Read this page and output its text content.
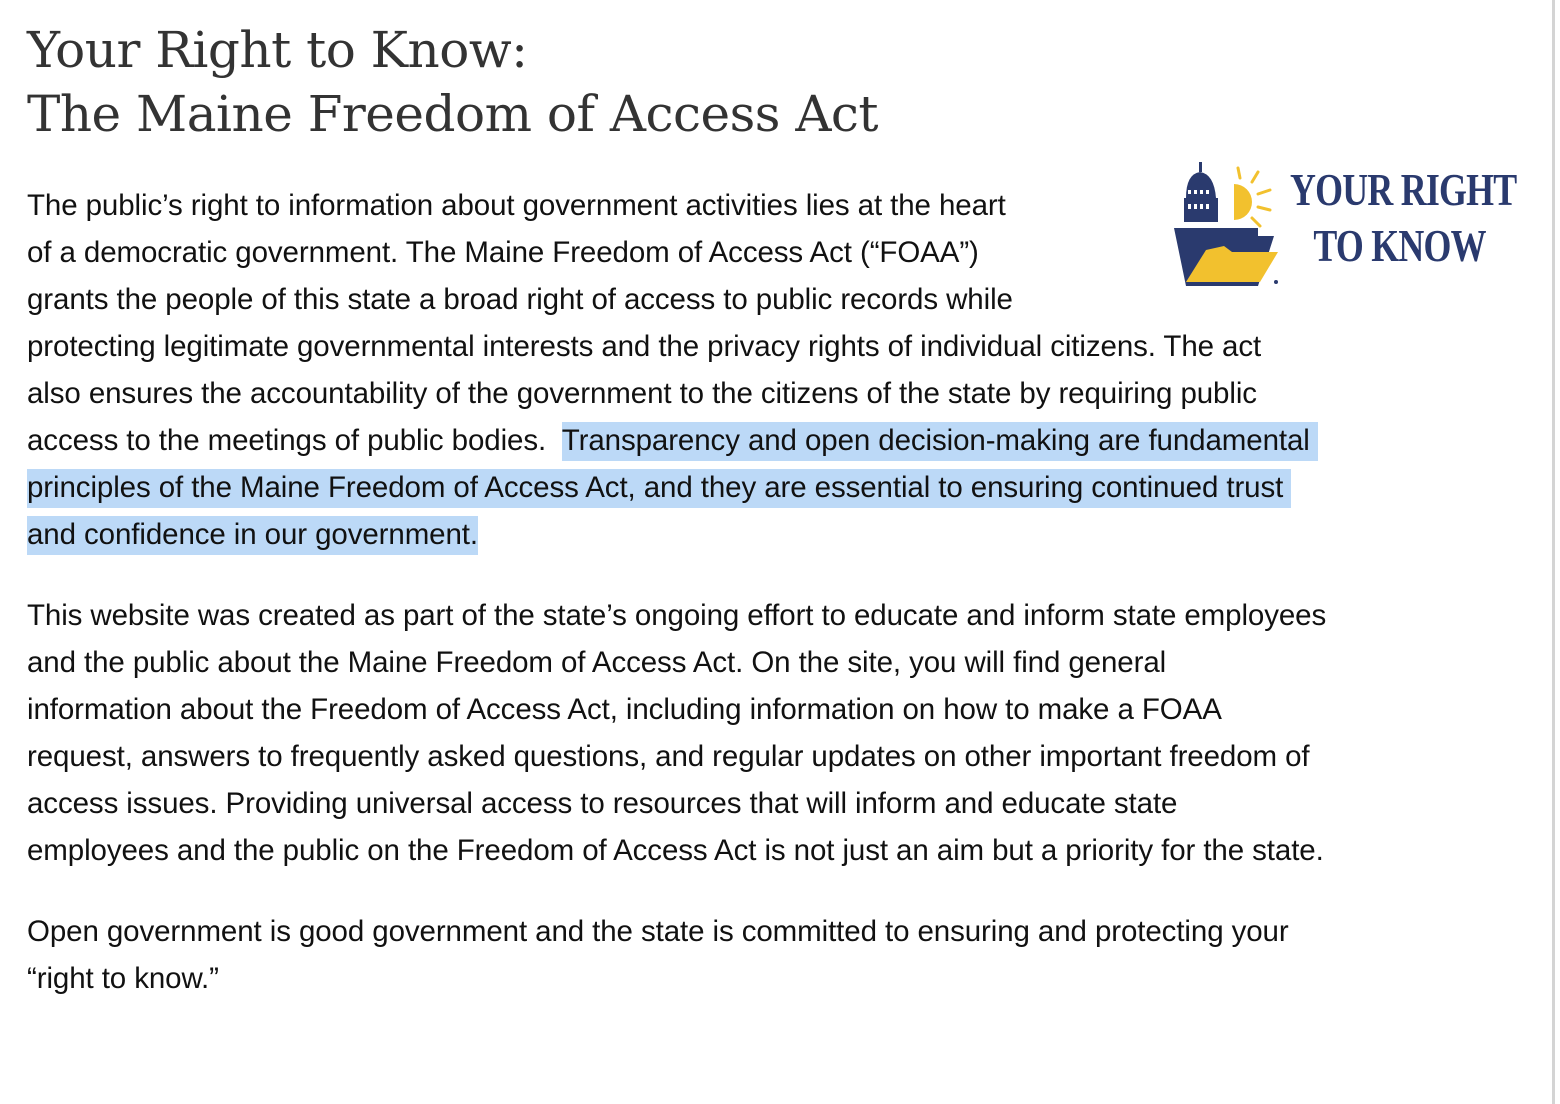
Your Right to Know:
The Maine Freedom of Access Act
YOUR RIGHT
TO KNOW
The public’s right to information about government activities lies at the heart
of a democratic government. The Maine Freedom of Access Act (“FOAA”)
grants the people of this state a broad right of access to public records while
protecting legitimate governmental interests and the privacy rights of individual citizens. The act
also ensures the accountability of the government to the citizens of the state by requiring public
access to the meetings of public bodies.  Transparency and open decision-making are fundamental
principles of the Maine Freedom of Access Act, and they are essential to ensuring continued trust
and confidence in our government.
This website was created as part of the state’s ongoing effort to educate and inform state employees
and the public about the Maine Freedom of Access Act. On the site, you will find general
information about the Freedom of Access Act, including information on how to make a FOAA
request, answers to frequently asked questions, and regular updates on other important freedom of
access issues. Providing universal access to resources that will inform and educate state
employees and the public on the Freedom of Access Act is not just an aim but a priority for the state.
Open government is good government and the state is committed to ensuring and protecting your
“right to know.”
